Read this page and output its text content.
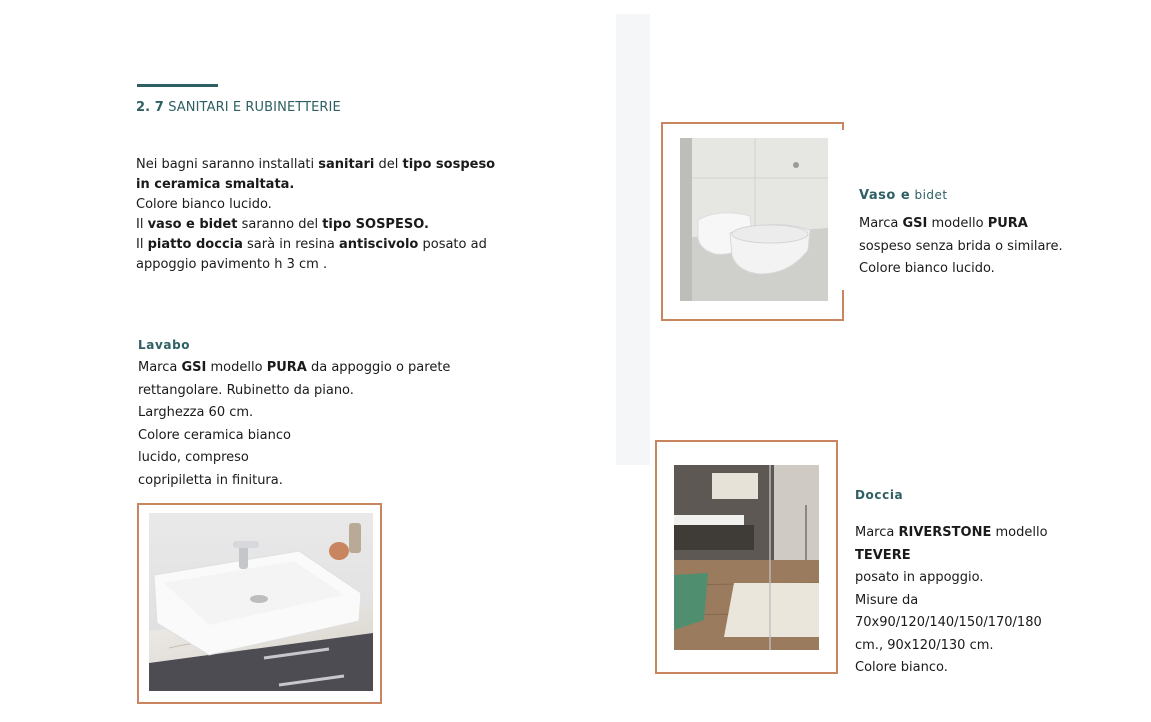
2. 7 SANITARI E RUBINETTERIE
Nei bagni saranno installati sanitari del tipo sospeso
in ceramica smaltata.
Colore bianco lucido.
Il vaso e bidet saranno del tipo SOSPESO.
Il piatto doccia sarà in resina antiscivolo posato ad
appoggio pavimento h 3 cm .
Lavabo
Marca GSI modello PURA da appoggio o parete
rettangolare. Rubinetto da piano.
Larghezza 60 cm.
Colore ceramica bianco
lucido, compreso
copripiletta in finitura.
Vaso e bidet
Marca GSI modello PURA
sospeso senza brida o similare.
Colore bianco lucido.
Doccia
Marca RIVERSTONE modello TEVERE
posato in appoggio.
Misure da 70x90/120/140/150/170/180
cm., 90x120/130 cm.
Colore bianco.
